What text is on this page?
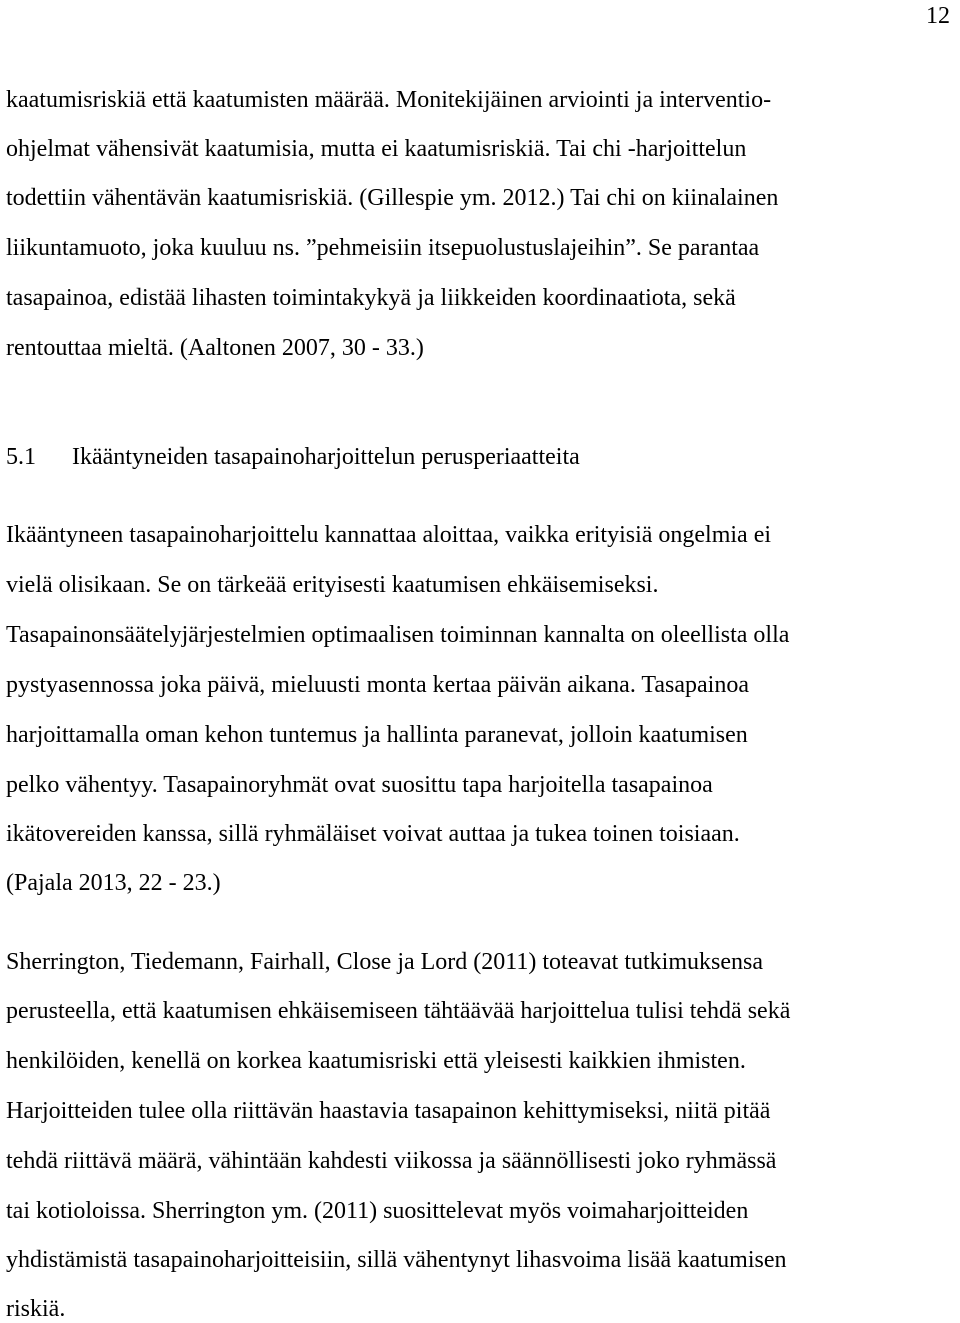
12
kaatumisriskiä että kaatumisten määrää. Monitekijäinen arviointi ja interventio-
ohjelmat vähensivät kaatumisia, mutta ei kaatumisriskiä. Tai chi -harjoittelun
todettiin vähentävän kaatumisriskiä. (Gillespie ym. 2012.) Tai chi on kiinalainen
liikuntamuoto, joka kuuluu ns. ”pehmeisiin itsepuolustuslajeihin”. Se parantaa
tasapainoa, edistää lihasten toimintakykyä ja liikkeiden koordinaatiota, sekä
rentouttaa mieltä. (Aaltonen 2007, 30 - 33.)
5.1 Ikääntyneiden tasapainoharjoittelun perusperiaatteita
Ikääntyneen tasapainoharjoittelu kannattaa aloittaa, vaikka erityisiä ongelmia ei
vielä olisikaan. Se on tärkeää erityisesti kaatumisen ehkäisemiseksi.
Tasapainonsäätelyjärjestelmien optimaalisen toiminnan kannalta on oleellista olla
pystyasennossa joka päivä, mieluusti monta kertaa päivän aikana. Tasapainoa
harjoittamalla oman kehon tuntemus ja hallinta paranevat, jolloin kaatumisen
pelko vähentyy. Tasapainoryhmät ovat suosittu tapa harjoitella tasapainoa
ikätovereiden kanssa, sillä ryhmäläiset voivat auttaa ja tukea toinen toisiaan.
(Pajala 2013, 22 - 23.)
Sherrington, Tiedemann, Fairhall, Close ja Lord (2011) toteavat tutkimuksensa
perusteella, että kaatumisen ehkäisemiseen tähtäävää harjoittelua tulisi tehdä sekä
henkilöiden, kenellä on korkea kaatumisriski että yleisesti kaikkien ihmisten.
Harjoitteiden tulee olla riittävän haastavia tasapainon kehittymiseksi, niitä pitää
tehdä riittävä määrä, vähintään kahdesti viikossa ja säännöllisesti joko ryhmässä
tai kotioloissa. Sherrington ym. (2011) suosittelevat myös voimaharjoitteiden
yhdistämistä tasapainoharjoitteisiin, sillä vähentynyt lihasvoima lisää kaatumisen
riskiä.
